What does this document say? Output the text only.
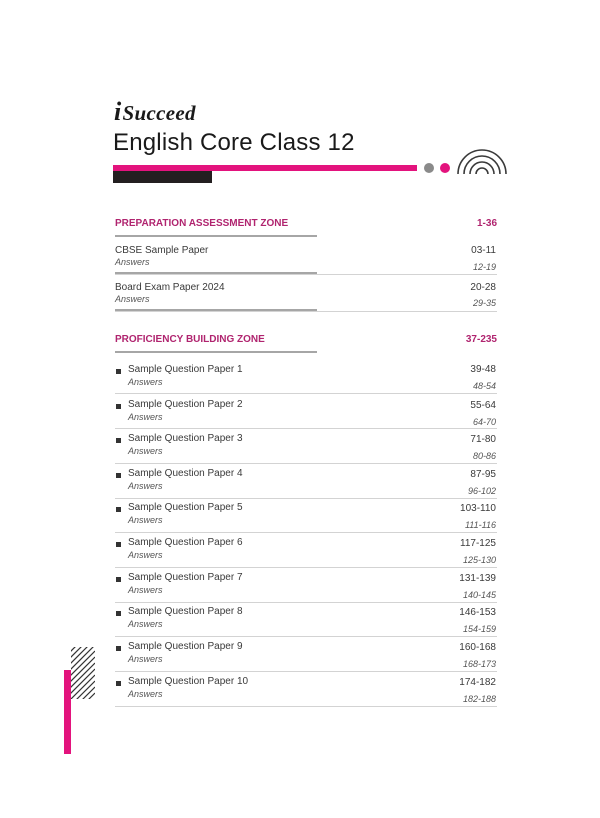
iSucceed
English Core Class 12
PREPARATION ASSESSMENT ZONE	1-36
CBSE Sample Paper
Answers
03-11
12-19
Board Exam Paper 2024
Answers
20-28
29-35
PROFICIENCY BUILDING ZONE	37-235
Sample Question Paper 1
Answers
39-48
48-54
Sample Question Paper 2
Answers
55-64
64-70
Sample Question Paper 3
Answers
71-80
80-86
Sample Question Paper 4
Answers
87-95
96-102
Sample Question Paper 5
Answers
103-110
111-116
Sample Question Paper 6
Answers
117-125
125-130
Sample Question Paper 7
Answers
131-139
140-145
Sample Question Paper 8
Answers
146-153
154-159
Sample Question Paper 9
Answers
160-168
168-173
Sample Question Paper 10
Answers
174-182
182-188
